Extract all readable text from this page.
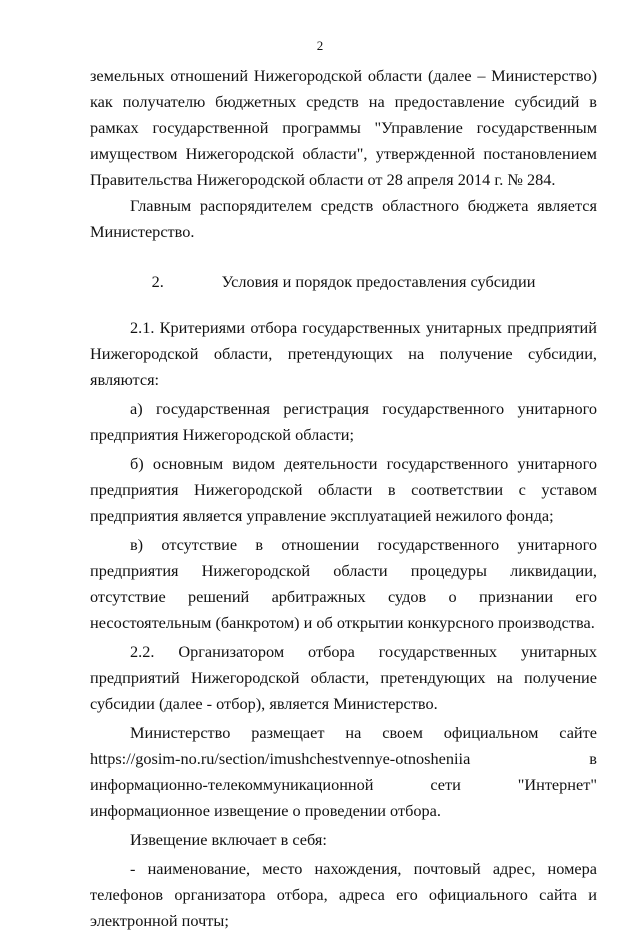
2

земельных отношений Нижегородской области (далее – Министерство) как получателю бюджетных средств на предоставление субсидий в рамках государственной программы "Управление государственным имуществом Нижегородской области", утвержденной постановлением Правительства Нижегородской области от 28 апреля 2014 г. № 284.

Главным распорядителем средств областного бюджета является Министерство.

2.	Условия и порядок предоставления субсидии

2.1. Критериями отбора государственных унитарных предприятий Нижегородской области, претендующих на получение субсидии, являются:

а) государственная регистрация государственного унитарного предприятия Нижегородской области;

б) основным видом деятельности государственного унитарного предприятия Нижегородской области в соответствии с уставом предприятия является управление эксплуатацией нежилого фонда;

в) отсутствие в отношении государственного унитарного предприятия Нижегородской области процедуры ликвидации, отсутствие решений арбитражных судов о признании его несостоятельным (банкротом) и об открытии конкурсного производства.

2.2. Организатором отбора государственных унитарных предприятий Нижегородской области, претендующих на получение субсидии (далее - отбор), является Министерство.

Министерство размещает на своем официальном сайте https://gosim-no.ru/section/imushchestvennye-otnosheniia в информационно-телекоммуникационной сети "Интернет" информационное извещение о проведении отбора.

Извещение включает в себя:

- наименование, место нахождения, почтовый адрес, номера телефонов организатора отбора, адреса его официального сайта и электронной почты;
